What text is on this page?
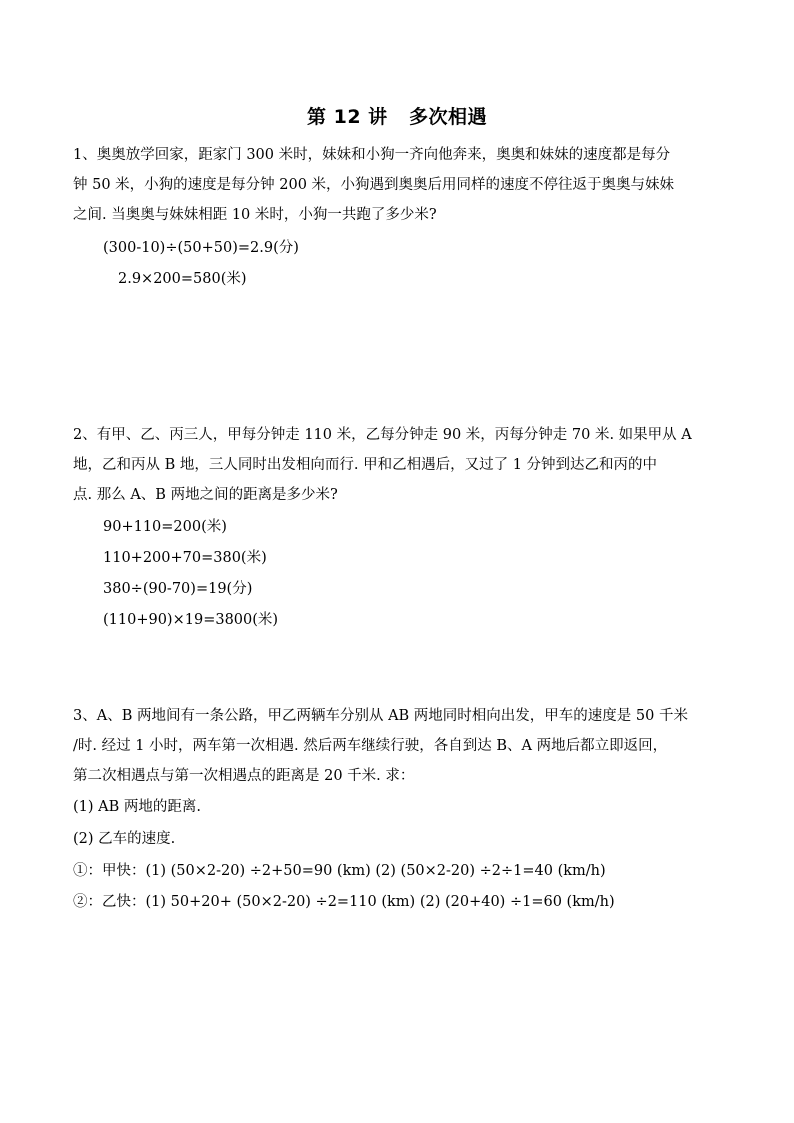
第 12 讲   多次相遇
1、奥奥放学回家，距家门 300 米时，妹妹和小狗一齐向他奔来，奥奥和妹妹的速度都是每分
钟 50 米，小狗的速度是每分钟 200 米，小狗遇到奥奥后用同样的速度不停往返于奥奥与妹妹
之间. 当奥奥与妹妹相距 10 米时，小狗一共跑了多少米?
(300-10)÷(50+50)=2.9(分)
2.9×200=580(米)
2、有甲、乙、丙三人，甲每分钟走 110 米，乙每分钟走 90 米，丙每分钟走 70 米. 如果甲从 A
地，乙和丙从 B 地，三人同时出发相向而行. 甲和乙相遇后，又过了 1 分钟到达乙和丙的中
点. 那么 A、B 两地之间的距离是多少米?
90+110=200(米)
110+200+70=380(米)
380÷(90-70)=19(分)
(110+90)×19=3800(米)
3、A、B 两地间有一条公路，甲乙两辆车分别从 AB 两地同时相向出发，甲车的速度是 50 千米
/时. 经过 1 小时，两车第一次相遇. 然后两车继续行驶，各自到达 B、A 两地后都立即返回，
第二次相遇点与第一次相遇点的距离是 20 千米. 求：
(1) AB 两地的距离.
(2) 乙车的速度.
①：甲快：(1) (50×2-20) ÷2+50=90 (km) (2) (50×2-20) ÷2÷1=40 (km/h)
②：乙快：(1) 50+20+ (50×2-20) ÷2=110 (km) (2) (20+40) ÷1=60 (km/h)
